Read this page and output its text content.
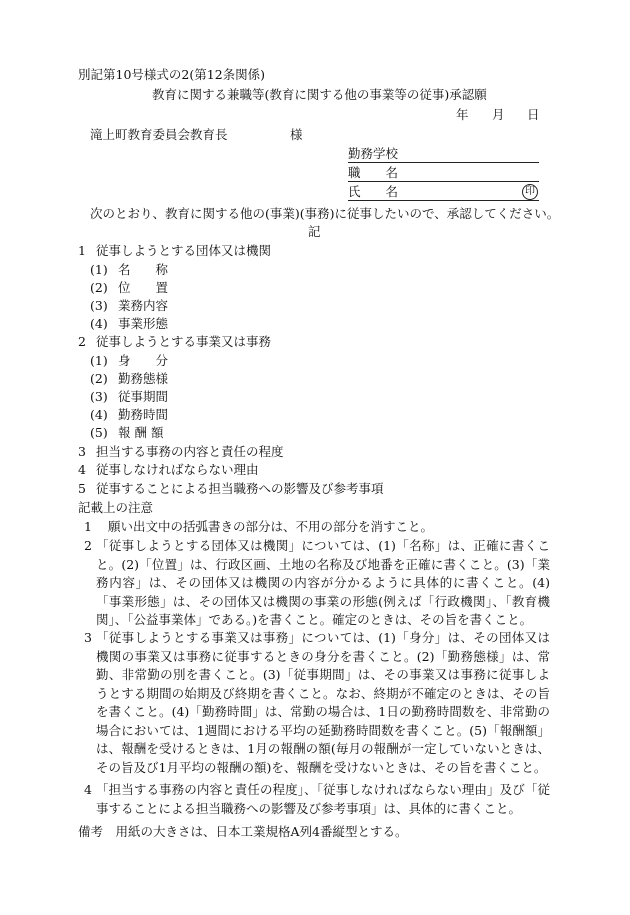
別記第10号様式の2(第12条関係)
教育に関する兼職等(教育に関する他の事業等の従事)承認願
年 月 日
滝上町教育委員会教育長	様
勤務学校
職　　名
氏　　名	印
次のとおり、教育に関する他の(事業)(事務)に従事したいので、承認してください。
記
1 従事しようとする団体又は機関
(1) 名　　称
(2) 位　　置
(3) 業務内容
(4) 事業形態
2 従事しようとする事業又は事務
(1) 身　　分
(2) 勤務態様
(3) 従事期間
(4) 勤務時間
(5) 報 酬 額
3 担当する事務の内容と責任の程度
4 従事しなければならない理由
5 従事することによる担当職務への影響及び参考事項
記載上の注意
1 願い出文中の括弧書きの部分は、不用の部分を消すこと。
2 「従事しようとする団体又は機関」については、(1)「名称」は、正確に書くこと。(2)「位置」は、行政区画、土地の名称及び地番を正確に書くこと。(3)「業務内容」は、その団体又は機関の内容が分かるように具体的に書くこと。(4)「事業形態」は、その団体又は機関の事業の形態(例えば「行政機関」、「教育機関」、「公益事業体」である。)を書くこと。確定のときは、その旨を書くこと。
3 「従事しようとする事業又は事務」については、(1)「身分」は、その団体又は機関の事業又は事務に従事するときの身分を書くこと。(2)「勤務態様」は、常勤、非常勤の別を書くこと。(3)「従事期間」は、その事業又は事務に従事しようとする期間の始期及び終期を書くこと。なお、終期が不確定のときは、その旨を書くこと。(4)「勤務時間」は、常勤の場合は、1日の勤務時間数を、非常勤の場合においては、1週間における平均の延勤務時間数を書くこと。(5)「報酬額」は、報酬を受けるときは、1月の報酬の額(毎月の報酬が一定していないときは、その旨及び1月平均の報酬の額)を、報酬を受けないときは、その旨を書くこと。
4 「担当する事務の内容と責任の程度」、「従事しなければならない理由」及び「従事することによる担当職務への影響及び参考事項」は、具体的に書くこと。
備考　用紙の大きさは、日本工業規格A列4番縦型とする。
